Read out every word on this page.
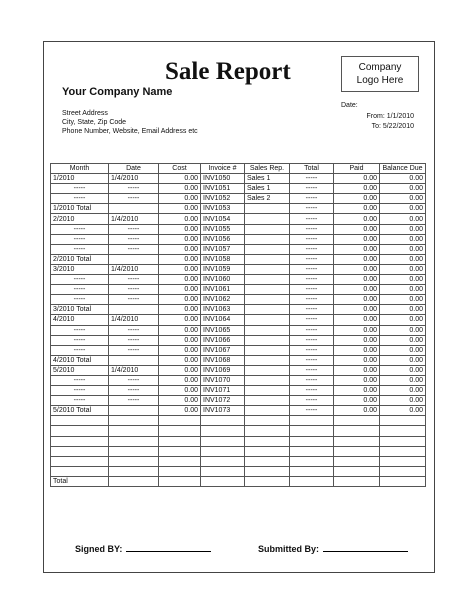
Sale Report	Company
Logo Here
Your Company Name
Street Address
City, State, Zip Code
Phone Number, Website, Email Address etc
Date:
From: 1/1/2010
To: 5/22/2010
Month	Date	Cost	Invoice #	Sales Rep.	Total	Paid	Balance Due
1/2010	1/4/2010	0.00	INV1050	Sales 1	-----	0.00	0.00
-----	-----	0.00	INV1051	Sales 1	-----	0.00	0.00
-----	-----	0.00	INV1052	Sales 2	-----	0.00	0.00
1/2010 Total		0.00	INV1053		-----	0.00	0.00
2/2010	1/4/2010	0.00	INV1054		-----	0.00	0.00
-----	-----	0.00	INV1055		-----	0.00	0.00
-----	-----	0.00	INV1056		-----	0.00	0.00
-----	-----	0.00	INV1057		-----	0.00	0.00
2/2010 Total		0.00	INV1058		-----	0.00	0.00
3/2010	1/4/2010	0.00	INV1059		-----	0.00	0.00
-----	-----	0.00	INV1060		-----	0.00	0.00
-----	-----	0.00	INV1061		-----	0.00	0.00
-----	-----	0.00	INV1062		-----	0.00	0.00
3/2010 Total		0.00	INV1063		-----	0.00	0.00
4/2010	1/4/2010	0.00	INV1064		-----	0.00	0.00
-----	-----	0.00	INV1065		-----	0.00	0.00
-----	-----	0.00	INV1066		-----	0.00	0.00
-----	-----	0.00	INV1067		-----	0.00	0.00
4/2010 Total		0.00	INV1068		-----	0.00	0.00
5/2010	1/4/2010	0.00	INV1069		-----	0.00	0.00
-----	-----	0.00	INV1070		-----	0.00	0.00
-----	-----	0.00	INV1071		-----	0.00	0.00
-----	-----	0.00	INV1072		-----	0.00	0.00
5/2010 Total		0.00	INV1073		-----	0.00	0.00

Total							
Signed BY:	Submitted By:
